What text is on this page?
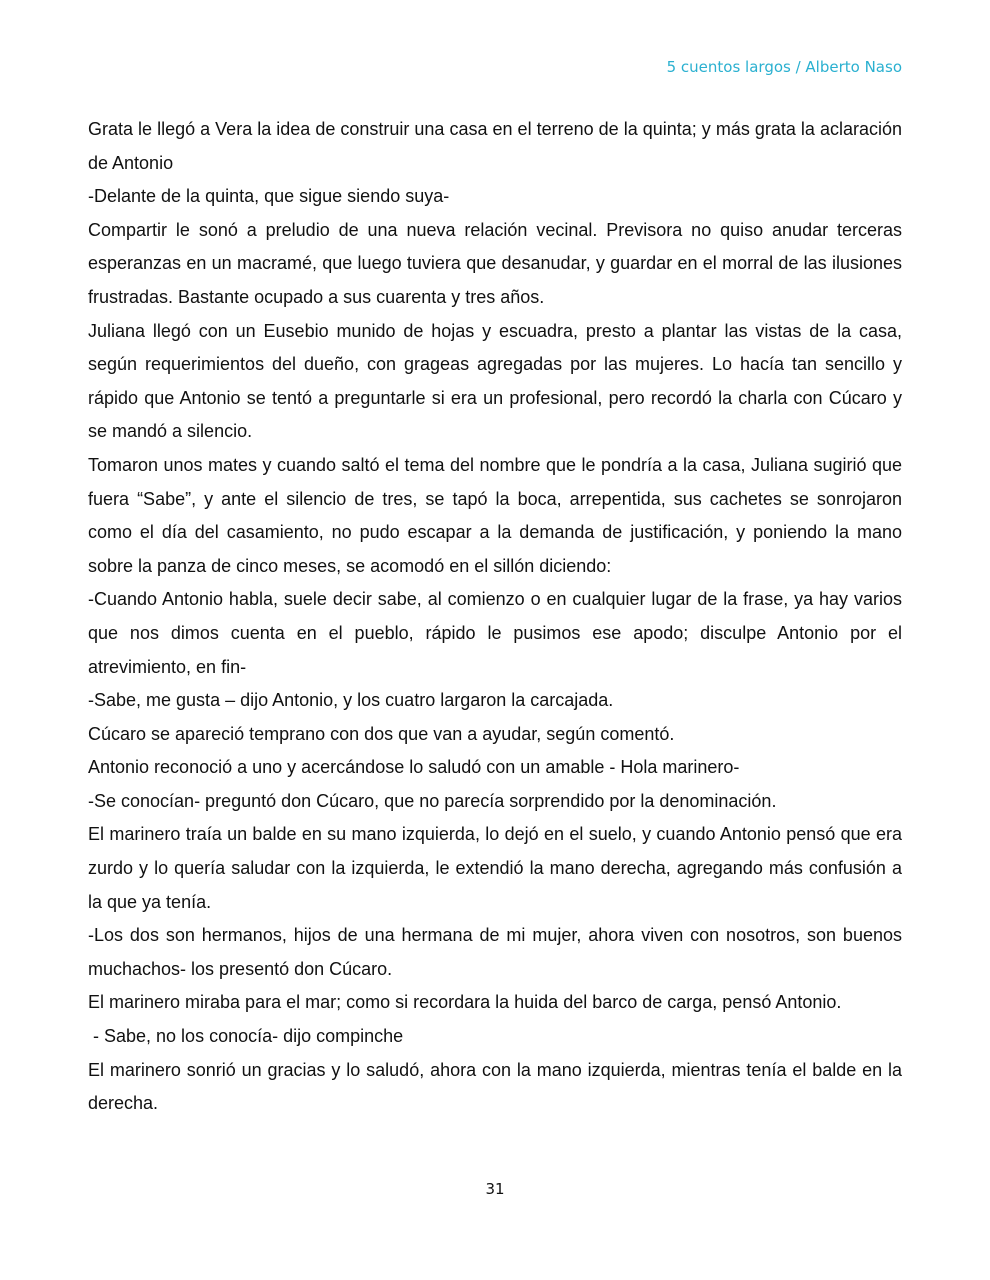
5 cuentos largos / Alberto Naso

Grata le llegó a Vera la idea de construir una casa en el terreno de la quinta; y más grata la aclaración de Antonio

-Delante de la quinta, que sigue siendo suya-

Compartir le sonó a preludio de una nueva relación vecinal. Previsora no quiso anudar terceras esperanzas en un macramé, que luego tuviera que desanudar, y guardar en el morral de las ilusiones frustradas. Bastante ocupado a sus cuarenta y tres años.

Juliana llegó con un Eusebio munido de hojas y escuadra, presto a plantar las vistas de la casa, según requerimientos del dueño, con grageas agregadas por las mujeres. Lo hacía tan sencillo y rápido que Antonio se tentó a preguntarle si era un profesional, pero recordó la charla con Cúcaro y se mandó a silencio.

Tomaron unos mates y cuando saltó el tema del nombre que le pondría a la casa, Juliana sugirió que fuera “Sabe”, y ante el silencio de tres, se tapó la boca, arrepentida, sus cachetes se sonrojaron como el día del casamiento, no pudo escapar a la demanda de justificación, y poniendo la mano sobre la panza de cinco meses, se acomodó en el sillón diciendo:

-Cuando Antonio habla, suele decir sabe, al comienzo o en cualquier lugar de la frase, ya hay varios que nos dimos cuenta en el pueblo, rápido le pusimos ese apodo; disculpe Antonio por el atrevimiento, en fin-

-Sabe, me gusta – dijo Antonio, y los cuatro largaron la carcajada.

Cúcaro se apareció temprano con dos que van a ayudar, según comentó.

Antonio reconoció a uno y acercándose lo saludó con un amable - Hola marinero-

-Se conocían- preguntó don Cúcaro, que no parecía sorprendido por la denominación.

El marinero traía un balde en su mano izquierda, lo dejó en el suelo, y cuando Antonio pensó que era zurdo y lo quería saludar con la izquierda, le extendió la mano derecha, agregando más confusión a la que ya tenía.

-Los dos son hermanos, hijos de una hermana de mi mujer, ahora viven con nosotros, son buenos muchachos- los presentó don Cúcaro.

El marinero miraba para el mar; como si recordara la huida del barco de carga, pensó Antonio.

- Sabe, no los conocía- dijo compinche

El marinero sonrió un gracias y lo saludó, ahora con la mano izquierda, mientras tenía el balde en la derecha.

31
